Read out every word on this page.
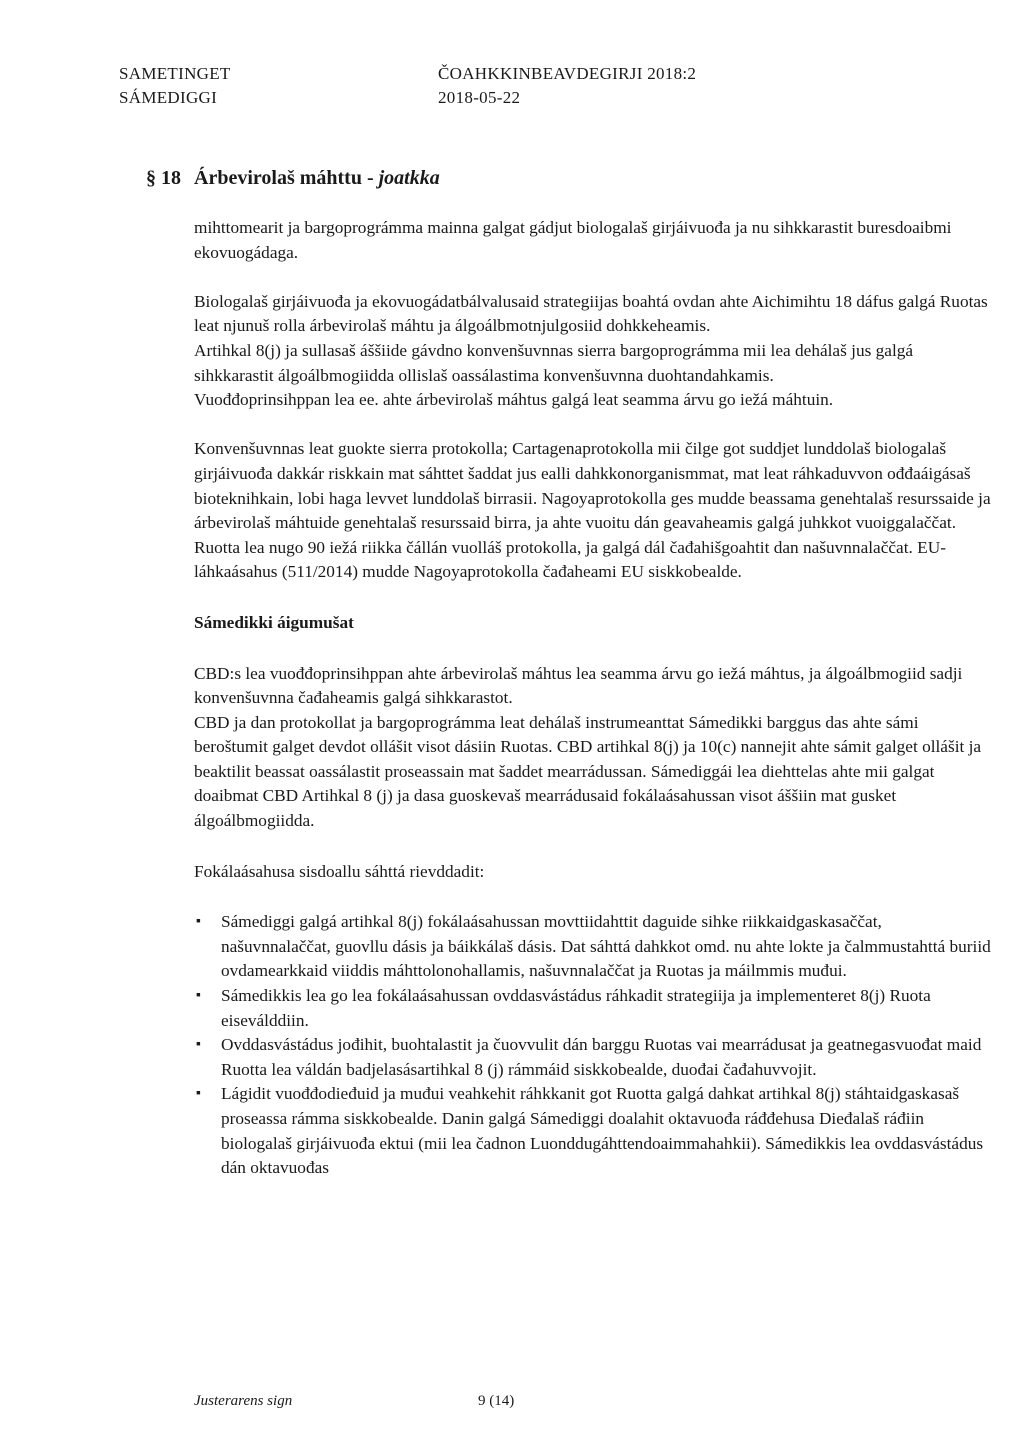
SAMETINGET
SÁMEDIGGI
ČOAHKKINBEAVDEGIRJI 2018:2
2018-05-22
§ 18 Árbevirolaš máhttu - joatkka

mihttomearit ja bargoprográmma mainna galgat gádjut biologalaš girjáivuođa ja nu sihkkarastit buresdoaibmi ekovuogádaga.

Biologalaš girjáivuođa ja ekovuogádatbálvalusaid strategiijas boahtá ovdan ahte Aichimihtu 18 dáfus galgá Ruotas leat njunuš rolla árbevirolaš máhtu ja álgoálbmotnjulgosiid dohkkeheamis.

Artihkal 8(j) ja sullasaš áššiide gávdno konvenšuvnnas sierra bargoprográmma mii lea dehálaš jus galgá sihkkarastit álgoálbmogiidda ollislaš oassálastima konvenšuvnna duohtandahkamis.

Vuođđoprinsihppan lea ee. ahte árbevirolaš máhtus galgá leat seamma árvu go iežá máhtuin.

Konvenšuvnnas leat guokte sierra protokolla; Cartagenaprotokolla mii čilge got suddjet lunddolaš biologalaš girjáivuođa dakkár riskkain mat sáhttet šaddat jus ealli dahkkonorganismmat, mat leat ráhkaduvvon ođđaáigásaš bioteknihkain, lobi haga levvet lunddolaš birrasii. Nagoyaprotokolla ges mudde beassama genehtalaš resurssaide ja árbevirolaš máhtuide genehtalaš resurssaid birra, ja ahte vuoitu dán geavaheamis galgá juhkkot vuoiggalaččat. Ruotta lea nugo 90 iežá riikka čállán vuolláš protokolla, ja galgá dál čađahišgoahtit dan našuvnnalaččat. EU-láhkaásahus (511/2014) mudde Nagoyaprotokolla čađaheami EU siskkobealde.

Sámedikki áigumušat

CBD:s lea vuođđoprinsihppan ahte árbevirolaš máhtus lea seamma árvu go iežá máhtus, ja álgoálbmogiid sadji konvenšuvnna čađaheamis galgá sihkkarastot.

CBD ja dan protokollat ja bargoprográmma leat dehálaš instrumeanttat Sámedikki barggus das ahte sámi beroštumit galget devdot ollášit visot dásiin Ruotas. CBD artihkal 8(j) ja 10(c) nannejit ahte sámit galget ollášit ja beaktilit beassat oassálastit proseassain mat šaddet mearrádussan. Sámediggái lea diehttelas ahte mii galgat doaibmat CBD Artihkal 8 (j) ja dasa guoskevaš mearrádusaid fokálaásahussan visot áššiin mat gusket álgoálbmogiidda.

Fokálaásahusa sisdoallu sáhttá rievddadit:

▪ Sámediggi galgá artihkal 8(j) fokálaásahussan movttiidahttit daguide sihke riikkaidgaskasaččat, našuvnnalaččat, guovllu dásis ja báikkálaš dásis. Dat sáhttá dahkkot omd. nu ahte lokte ja čalmmustahttá buriid ovdamearkkaid viiddis máhttolonohallamis, našuvnnalaččat ja Ruotas ja máilmmis muđui.
▪ Sámedikkis lea go lea fokálaásahussan ovddasvástádus ráhkadit strategiija ja implementeret 8(j) Ruota eiseválddiin.
▪ Ovddasvástádus jođihit, buohtalastit ja čuovvulit dán barggu Ruotas vai mearrádusat ja geatnegasvuođat maid Ruotta lea váldán badjelasásartihkal 8 (j) rámmáid siskkobealde, duođai čađahuvvojit.
▪ Lágidit vuođđodieđuid ja muđui veahkehit ráhkkanit got Ruotta galgá dahkat artihkal 8(j) stáhtaidgaskasaš proseassa rámma siskkobealde. Danin galgá Sámediggi doalahit oktavuođa ráđđehusa Dieđalaš ráđiin biologalaš girjáivuođa ektui (mii lea čadnon Luonddugáhttendoaimmahahkii). Sámedikkis lea ovddasvástádus dán oktavuođas
Justerarens sign	9 (14)
